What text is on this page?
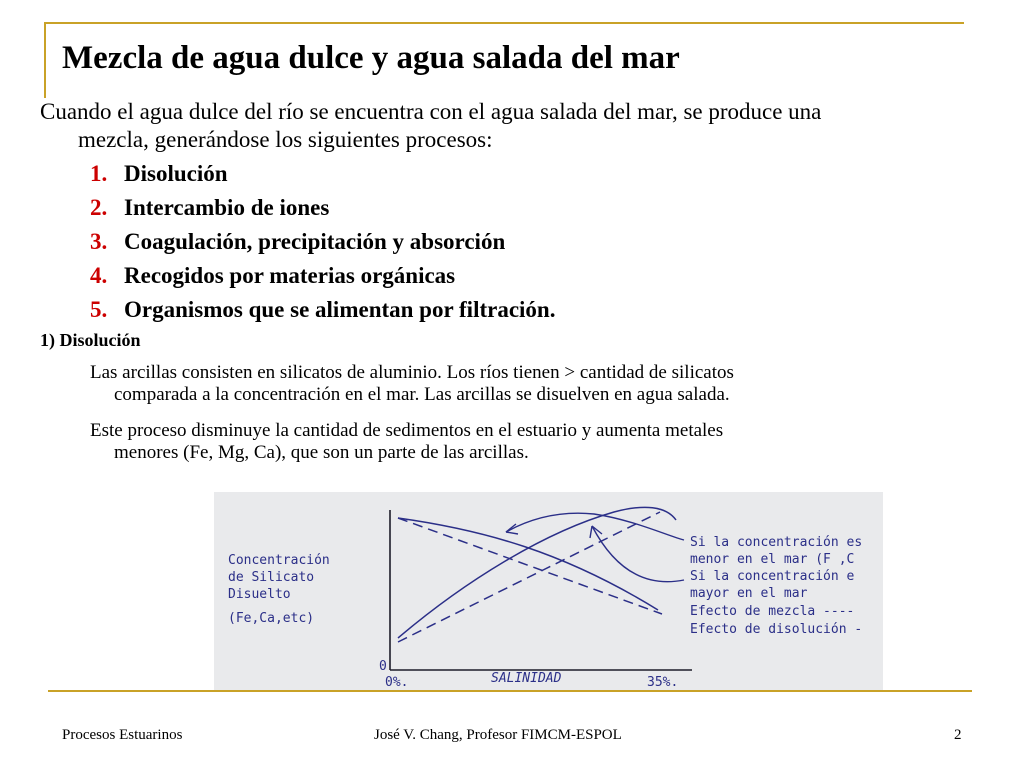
Mezcla de agua dulce y agua salada del mar
Cuando el agua dulce del río se encuentra con el agua salada del mar, se produce una
mezcla, generándose los siguientes procesos:
1. Disolución
2. Intercambio de iones
3. Coagulación, precipitación y absorción
4. Recogidos por materias orgánicas
5. Organismos que se alimentan por filtración.
1) Disolución
Las arcillas consisten en silicatos de aluminio. Los ríos tienen > cantidad de silicatos
comparada a la concentración en el mar. Las arcillas se disuelven en agua salada.
Este proceso disminuye la cantidad de sedimentos en el estuario y aumenta metales
menores (Fe, Mg, Ca), que son un parte de las arcillas.
Concentración
de Silicato
Disuelto
(Fe,Ca,etc)
0
0%.	SALINIDAD	35%.
Si la concentración es
menor en el mar (F ,C
Si la concentración e
mayor en el mar
Efecto de mezcla ----
Efecto de disolución -
Procesos Estuarinos	José V. Chang, Profesor FIMCM-ESPOL	2
